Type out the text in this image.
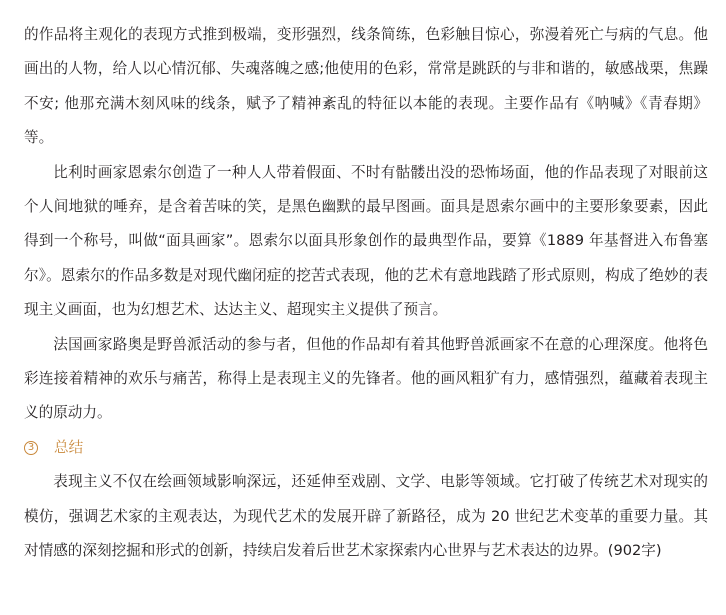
的作品将主观化的表现方式推到极端，变形强烈，线条简练，色彩触目惊心，弥漫着死亡与病的气息。他画出的人物，给人以心情沉郁、失魂落魄之感;他使用的色彩，常常是跳跃的与非和谐的，敏感战栗，焦躁不安; 他那充满木刻风味的线条，赋予了精神紊乱的特征以本能的表现。主要作品有《呐喊》《青春期》等。

比利时画家恩索尔创造了一种人人带着假面、不时有骷髅出没的恐怖场面，他的作品表现了对眼前这个人间地狱的唾弃，是含着苦味的笑，是黑色幽默的最早图画。面具是恩索尔画中的主要形象要素，因此得到一个称号，叫做“面具画家”。恩索尔以面具形象创作的最典型作品，要算《1889 年基督进入布鲁塞尔》。恩索尔的作品多数是对现代幽闭症的挖苦式表现，他的艺术有意地践踏了形式原则，构成了绝妙的表现主义画面，也为幻想艺术、达达主义、超现实主义提供了预言。

法国画家路奥是野兽派活动的参与者，但他的作品却有着其他野兽派画家不在意的心理深度。他将色彩连接着精神的欢乐与痛苦，称得上是表现主义的先锋者。他的画风粗犷有力，感情强烈，蕴藏着表现主义的原动力。

3 总结

表现主义不仅在绘画领域影响深远，还延伸至戏剧、文学、电影等领域。它打破了传统艺术对现实的模仿，强调艺术家的主观表达，为现代艺术的发展开辟了新路径，成为 20 世纪艺术变革的重要力量。其对情感的深刻挖掘和形式的创新，持续启发着后世艺术家探索内心世界与艺术表达的边界。(902字)
